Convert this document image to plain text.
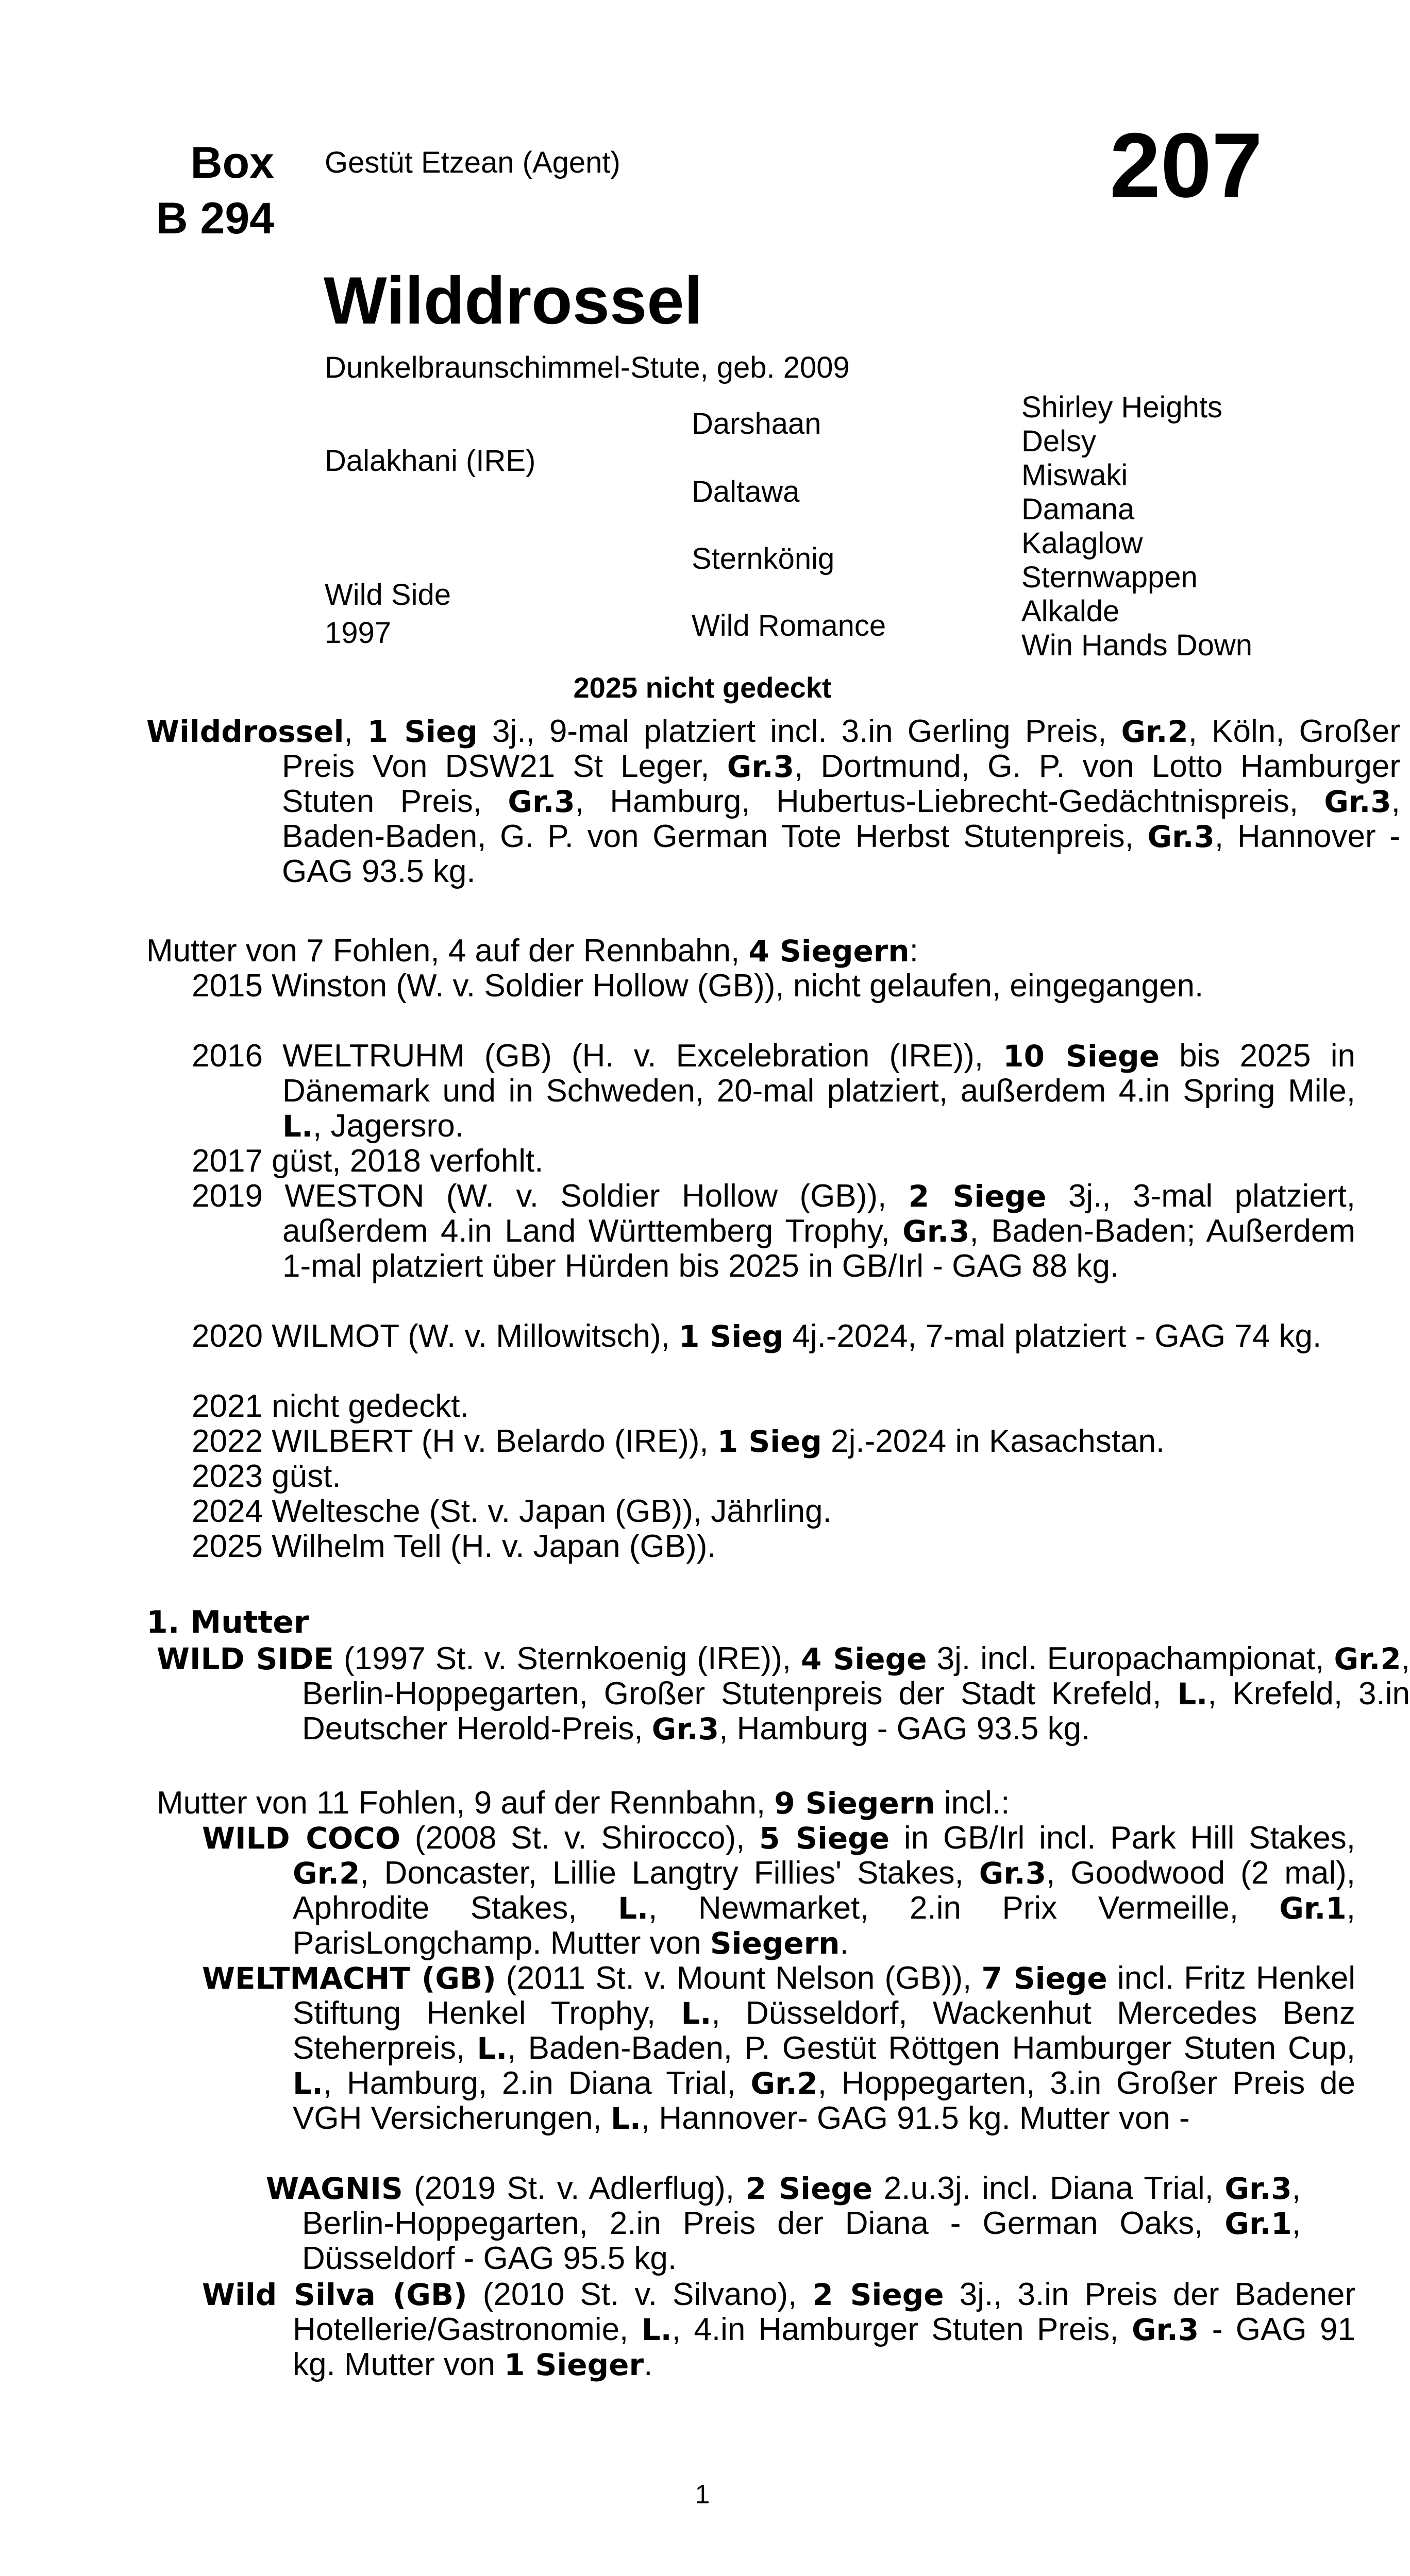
Box
B 294
Gestüt Etzean (Agent)	207
Wilddrossel
Dunkelbraunschimmel-Stute, geb. 2009
Dalakhani (IRE)
Wild Side
1997
Darshaan
Daltawa
Sternkönig
Wild Romance
Shirley Heights
Delsy
Miswaki
Damana
Kalaglow
Sternwappen
Alkalde
Win Hands Down
2025 nicht gedeckt
Wilddrossel, 1 Sieg 3j., 9-mal platziert incl. 3.in Gerling Preis, Gr.2, Köln, Großer Preis Von DSW21 St Leger, Gr.3, Dortmund, G. P. von Lotto Hamburger Stuten Preis, Gr.3, Hamburg, Hubertus-Liebrecht-Gedächtnispreis, Gr.3, Baden-Baden, G. P. von German Tote Herbst Stutenpreis, Gr.3, Hannover - GAG 93.5 kg.
Mutter von 7 Fohlen, 4 auf der Rennbahn, 4 Siegern:
2015 Winston (W. v. Soldier Hollow (GB)), nicht gelaufen, eingegangen.
2016 WELTRUHM (GB) (H. v. Excelebration (IRE)), 10 Siege bis 2025 in Dänemark und in Schweden, 20-mal platziert, außerdem 4.in Spring Mile, L., Jagersro.
2017 güst, 2018 verfohlt.
2019 WESTON (W. v. Soldier Hollow (GB)), 2 Siege 3j., 3-mal platziert, außerdem 4.in Land Württemberg Trophy, Gr.3, Baden-Baden; Außerdem 1-mal platziert über Hürden bis 2025 in GB/Irl - GAG 88 kg.
2020 WILMOT (W. v. Millowitsch), 1 Sieg 4j.-2024, 7-mal platziert - GAG 74 kg.
2021 nicht gedeckt.
2022 WILBERT (H v. Belardo (IRE)), 1 Sieg 2j.-2024 in Kasachstan.
2023 güst.
2024 Weltesche (St. v. Japan (GB)), Jährling.
2025 Wilhelm Tell (H. v. Japan (GB)).
1. Mutter
WILD SIDE (1997 St. v. Sternkoenig (IRE)), 4 Siege 3j. incl. Europachampionat, Gr.2, Berlin-Hoppegarten, Großer Stutenpreis der Stadt Krefeld, L., Krefeld, 3.in Deutscher Herold-Preis, Gr.3, Hamburg - GAG 93.5 kg.
Mutter von 11 Fohlen, 9 auf der Rennbahn, 9 Siegern incl.:
WILD COCO (2008 St. v. Shirocco), 5 Siege in GB/Irl incl. Park Hill Stakes, Gr.2, Doncaster, Lillie Langtry Fillies' Stakes, Gr.3, Goodwood (2 mal), Aphrodite Stakes, L., Newmarket, 2.in Prix Vermeille, Gr.1, ParisLongchamp. Mutter von Siegern.
WELTMACHT (GB) (2011 St. v. Mount Nelson (GB)), 7 Siege incl. Fritz Henkel Stiftung Henkel Trophy, L., Düsseldorf, Wackenhut Mercedes Benz Steherpreis, L., Baden-Baden, P. Gestüt Röttgen Hamburger Stuten Cup, L., Hamburg, 2.in Diana Trial, Gr.2, Hoppegarten, 3.in Großer Preis de VGH Versicherungen, L., Hannover- GAG 91.5 kg. Mutter von -
WAGNIS (2019 St. v. Adlerflug), 2 Siege 2.u.3j. incl. Diana Trial, Gr.3, Berlin-Hoppegarten, 2.in Preis der Diana - German Oaks, Gr.1, Düsseldorf - GAG 95.5 kg.
Wild Silva (GB) (2010 St. v. Silvano), 2 Siege 3j., 3.in Preis der Badener Hotellerie/Gastronomie, L., 4.in Hamburger Stuten Preis, Gr.3 - GAG 91 kg. Mutter von 1 Sieger.
1
